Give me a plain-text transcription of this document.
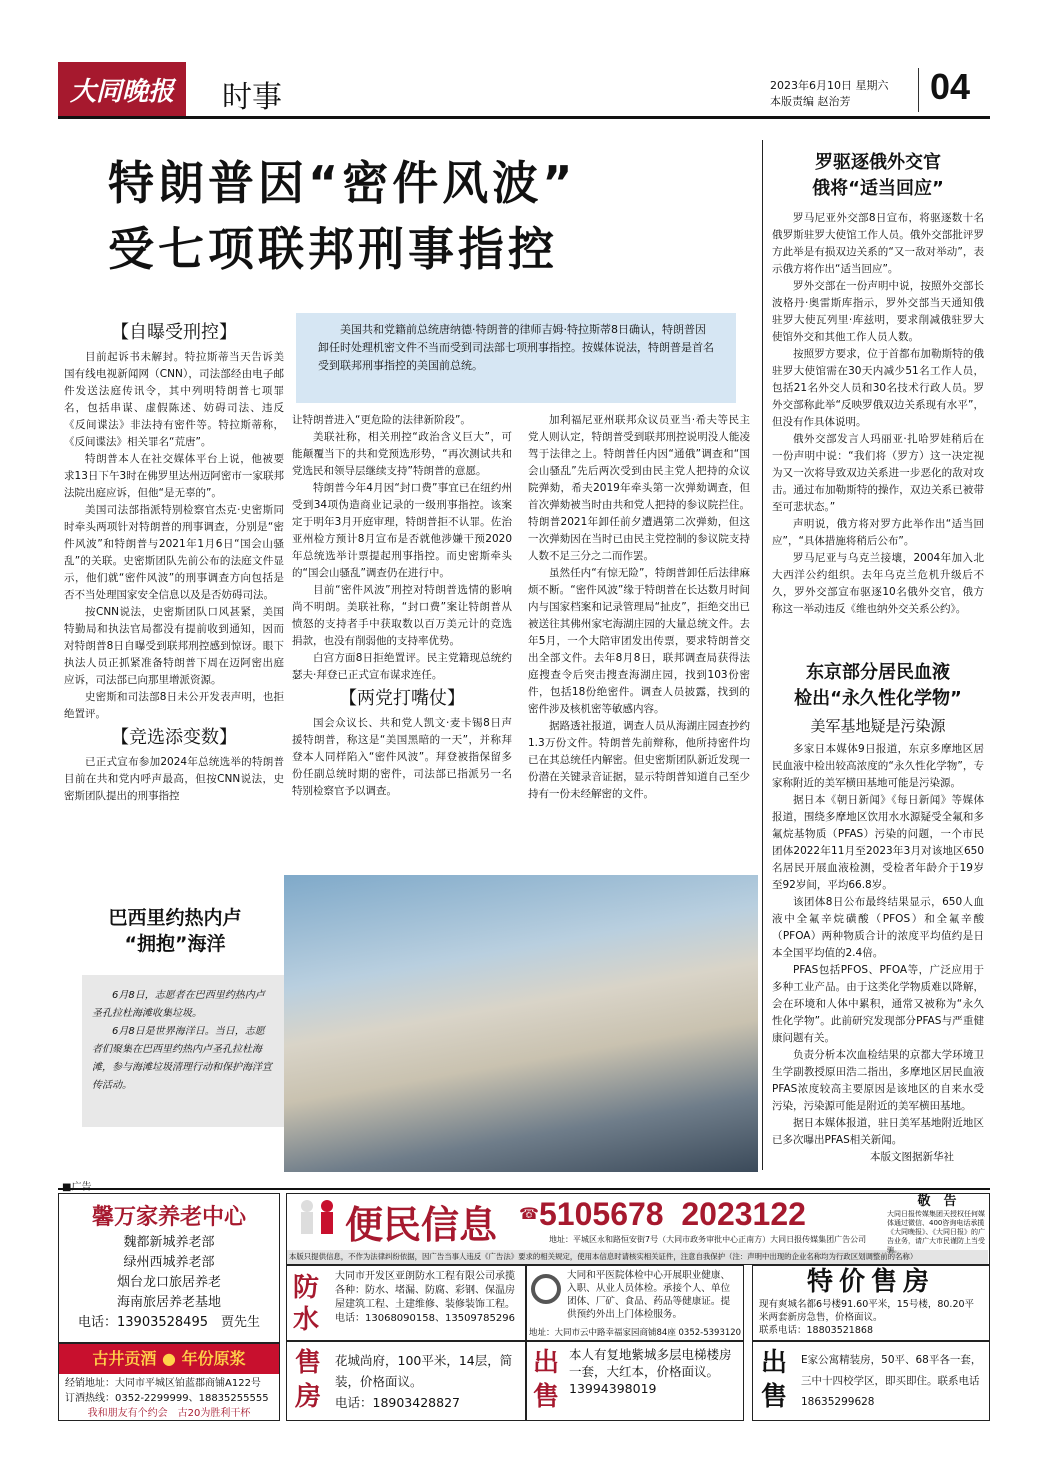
大同晚报	时事	2023年6月10日 星期六
本版责编 赵治芳	04
特朗普因“密件风波”
受七项联邦刑事指控

美国共和党籍前总统唐纳德·特朗普的律师吉姆·特拉斯蒂8日确认，特朗普因卸任时处理机密文件不当而受到司法部七项刑事指控。按媒体说法，特朗普是首名受到联邦刑事指控的美国前总统。

【自曝受刑控】

目前起诉书未解封。特拉斯蒂当天告诉美国有线电视新闻网（CNN），司法部经由电子邮件发送法庭传讯令，其中列明特朗普七项罪名，包括串谋、虚假陈述、妨碍司法、违反《反间谍法》非法持有密件等。特拉斯蒂称，《反间谍法》相关罪名“荒唐”。

特朗普本人在社交媒体平台上说，他被要求13日下午3时在佛罗里达州迈阿密市一家联邦法院出庭应诉，但他“是无辜的”。

美国司法部指派特别检察官杰克·史密斯同时牵头两项针对特朗普的刑事调查，分别是“密件风波”和特朗普与2021年1月6日“国会山骚乱”的关联。史密斯团队先前公布的法庭文件显示，他们就“密件风波”的刑事调查方向包括是否不当处理国家安全信息以及是否妨碍司法。

按CNN说法，史密斯团队口风甚紧，美国特勤局和执法官局都没有提前收到通知，因而对特朗普8日自曝受到联邦刑控感到惊讶。眼下执法人员正抓紧准备特朗普下周在迈阿密出庭应诉，司法部已向那里增派资源。

史密斯和司法部8日未公开发表声明，也拒绝置评。

【竞选添变数】

已正式宣布参加2024年总统选举的特朗普目前在共和党内呼声最高，但按CNN说法，史密斯团队提出的刑事指控

让特朗普进入“更危险的法律新阶段”。

美联社称，相关刑控“政治含义巨大”，可能颠覆当下的共和党预选形势，“再次测试共和党选民和领导层继续支持”特朗普的意愿。

特朗普今年4月因“封口费”事宜已在纽约州受到34项伪造商业记录的一级刑事指控。该案定于明年3月开庭审理，特朗普拒不认罪。佐治亚州检方预计8月宣布是否就他涉嫌干预2020年总统选举计票提起刑事指控。而史密斯牵头的“国会山骚乱”调查仍在进行中。

目前“密件风波”刑控对特朗普选情的影响尚不明朗。美联社称，“封口费”案让特朗普从愤怒的支持者手中获取数以百万美元计的竞选捐款，也没有削弱他的支持率优势。

白宫方面8日拒绝置评。民主党籍现总统约瑟夫·拜登已正式宣布谋求连任。

【两党打嘴仗】

国会众议长、共和党人凯文·麦卡锡8日声援特朗普，称这是“美国黑暗的一天”，并称拜登本人同样陷入“密件风波”。拜登被指保留多份任副总统时期的密件，司法部已指派另一名特别检察官予以调查。

加利福尼亚州联邦众议员亚当·希夫等民主党人则认定，特朗普受到联邦刑控说明没人能凌驾于法律之上。特朗普任内因“通俄”调查和“国会山骚乱”先后两次受到由民主党人把持的众议院弹劾，希夫2019年牵头第一次弹劾调查，但首次弹劾被当时由共和党人把持的参议院拦住。特朗普2021年卸任前夕遭遇第二次弹劾，但这一次弹劾因在当时已由民主党控制的参议院支持人数不足三分之二而作罢。

虽然任内“有惊无险”，特朗普卸任后法律麻烦不断。“密件风波”缘于特朗普在长达数月时间内与国家档案和记录管理局“扯皮”，拒绝交出已被送往其佛州家宅海湖庄园的大量总统文件。去年5月，一个大陪审团发出传票，要求特朗普交出全部文件。去年8月8日，联邦调查局获得法庭搜查令后突击搜查海湖庄园，找到103份密件，包括18份绝密件。调查人员披露，找到的密件涉及核机密等敏感内容。

据路透社报道，调查人员从海湖庄园查抄约1.3万份文件。特朗普先前辩称，他所持密件均已在其总统任内解密。但史密斯团队新近发现一份潜在关键录音证据，显示特朗普知道自己至少持有一份未经解密的文件。

罗驱逐俄外交官
俄将“适当回应”

罗马尼亚外交部8日宣布，将驱逐数十名俄罗斯驻罗大使馆工作人员。俄外交部批评罗方此举是有损双边关系的“又一敌对举动”，表示俄方将作出“适当回应”。

罗外交部在一份声明中说，按照外交部长波格丹·奥雷斯库指示，罗外交部当天通知俄驻罗大使瓦列里·库兹明，要求削减俄驻罗大使馆外交和其他工作人员人数。

按照罗方要求，位于首都布加勒斯特的俄驻罗大使馆需在30天内减少51名工作人员，包括21名外交人员和30名技术行政人员。罗外交部称此举“反映罗俄双边关系现有水平”，但没有作具体说明。

俄外交部发言人玛丽亚·扎哈罗娃稍后在一份声明中说：“我们将（罗方）这一决定视为又一次将导致双边关系进一步恶化的敌对攻击。通过布加勒斯特的操作，双边关系已被带至可悲状态。”

声明说，俄方将对罗方此举作出“适当回应”，“具体措施将稍后公布”。

罗马尼亚与乌克兰接壤，2004年加入北大西洋公约组织。去年乌克兰危机升级后不久，罗外交部宣布驱逐10名俄外交官，俄方称这一举动违反《维也纳外交关系公约》。

东京部分居民血液
检出“永久性化学物”
美军基地疑是污染源

多家日本媒体9日报道，东京多摩地区居民血液中检出较高浓度的“永久性化学物”，专家称附近的美军横田基地可能是污染源。

据日本《朝日新闻》《每日新闻》等媒体报道，围绕多摩地区饮用水水源疑受全氟和多氟烷基物质（PFAS）污染的问题，一个市民团体2022年11月至2023年3月对该地区650名居民开展血液检测，受检者年龄介于19岁至92岁间，平均66.8岁。

该团体8日公布最终结果显示，650人血液中全氟辛烷磺酸（PFOS）和全氟辛酸（PFOA）两种物质合计的浓度平均值约是日本全国平均值的2.4倍。

PFAS包括PFOS、PFOA等，广泛应用于多种工业产品。由于这类化学物质难以降解，会在环境和人体中累积，通常又被称为“永久性化学物”。此前研究发现部分PFAS与严重健康问题有关。

负责分析本次血检结果的京都大学环境卫生学副教授原田浩二指出，多摩地区居民血液PFAS浓度较高主要原因是该地区的自来水受污染，污染源可能是附近的美军横田基地。

据日本媒体报道，驻日美军基地附近地区已多次曝出PFAS相关新闻。

本版文图据新华社
巴西里约热内卢
“拥抱”海洋

6月8日，志愿者在巴西里约热内卢圣孔拉杜海滩收集垃圾。

6月8日是世界海洋日。当日，志愿者们聚集在巴西里约热内卢圣孔拉杜海滩，参与海滩垃圾清理行动和保护海洋宣传活动。

馨万家养老中心
魏都新城养老部
绿州西城养老部
烟台龙口旅居养老
海南旅居养老基地
电话：13903528495　贾先生
古井贡酒 ● 年份原浆
经销地址：大同市平城区铂蓝郡商铺A122号
订酒热线：0352-2299999、18835255555
我和朋友有个约会　古20为胜利干杯
便民信息 ☎ 5105678 2023122
地址：平城区永和路恒安街7号（大同市政务审批中心正南方）大同日报传媒集团广告公司
本版只提供信息，不作为法律纠纷依据，因广告当事人违反《广告法》要求的相关规定，使用本信息时请核实相关证件，注意自我保护（注：声明中出现的企业名称均为行政区划调整前的名称）
敬　告
大同日报传媒集团天授权任何媒体通过微信、400咨询电话承揽《大同晚报》、《大同日报》的广告业务，请广大市民谨防上当受骗。
防水
大同市开发区亚朗防水工程有限公司承揽各种：防水、堵漏、防腐、彩钢、保温房屋建筑工程、土建维修、装修装饰工程。
电话：13068090158、13509785296
大同和平医院体检中心开展职业健康、入职、从业人员体检。承接个人、单位团体、厂矿、食品、药品等健康证。提供预约外出上门体检服务。
地址：大同市云中路幸福家园商铺84座 0352-5393120
特价售房
现有爽城名都6号楼91.60平米，15号楼，80.20平米两套新房急售，价格面议。
联系电话：18803521868
售房
花城尚府，100平米，14层，简装，价格面议。
电话：18903428827
出售
本人有复地紫城多层电梯楼房一套，大红本，价格面议。
13994398019
出售
E家公寓精装房，50平、68平各一套，三中十四校学区，即买即住。联系电话18635299628
